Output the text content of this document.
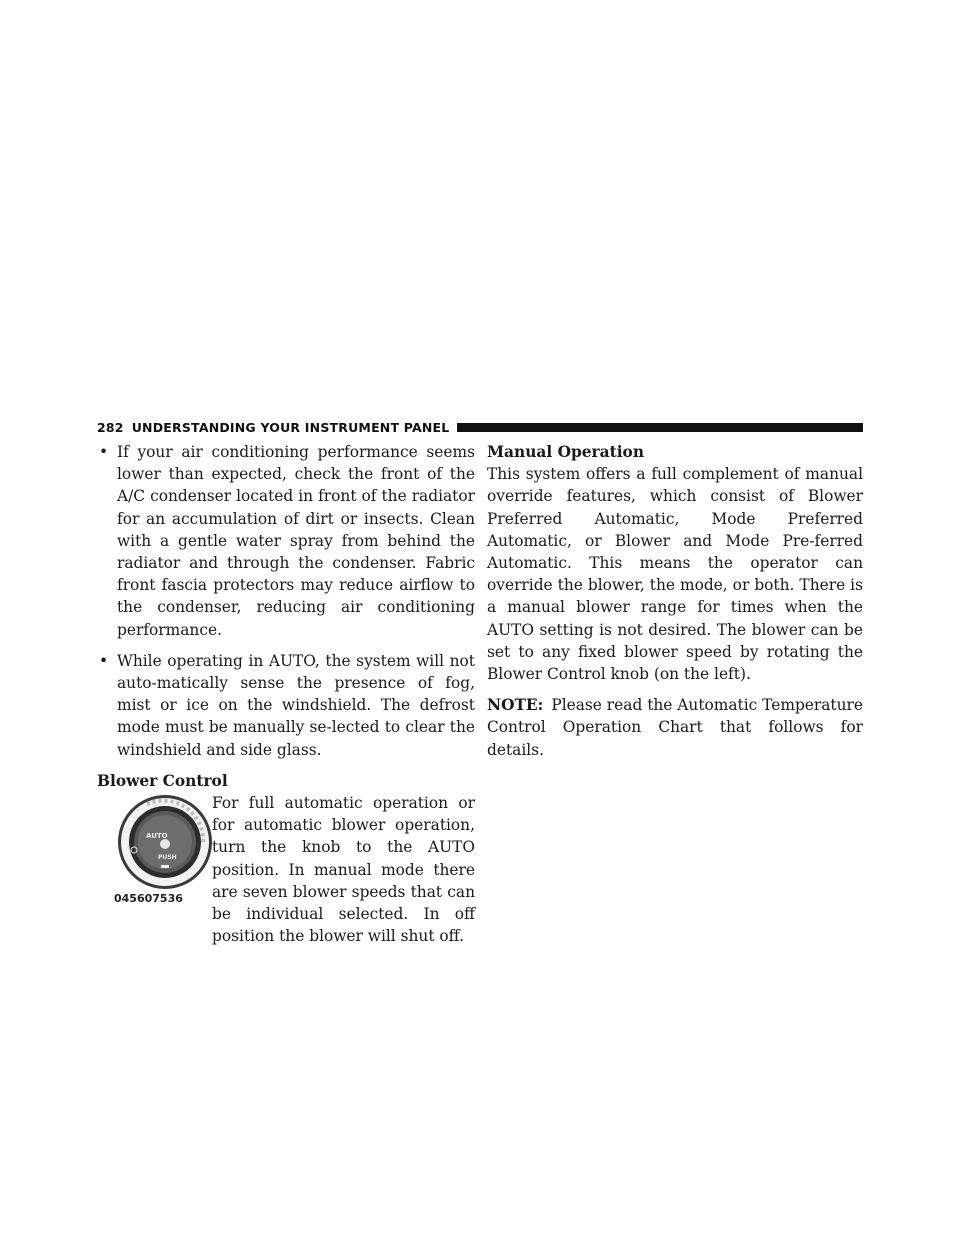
282 UNDERSTANDING YOUR INSTRUMENT PANEL
• If your air conditioning performance seems lower than expected, check the front of the A/C condenser located in front of the radiator for an accumulation of dirt or insects. Clean with a gentle water spray from behind the radiator and through the condenser. Fabric front fascia protectors may reduce airflow to the condenser, reducing air conditioning performance.
• While operating in AUTO, the system will not auto-matically sense the presence of fog, mist or ice on the windshield. The defrost mode must be manually se-lected to clear the windshield and side glass.

Blower Control

AUTO
PUSH
045607536
For full automatic operation or for automatic blower operation, turn the knob to the AUTO position. In manual mode there are seven blower speeds that can be individual selected. In off position the blower will shut off.

Manual Operation

This system offers a full complement of manual override features, which consist of Blower Preferred Automatic, Mode Preferred Automatic, or Blower and Mode Pre-ferred Automatic. This means the operator can override the blower, the mode, or both. There is a manual blower range for times when the AUTO setting is not desired. The blower can be set to any fixed blower speed by rotating the Blower Control knob (on the left).
NOTE: Please read the Automatic Temperature Control Operation Chart that follows for details.
